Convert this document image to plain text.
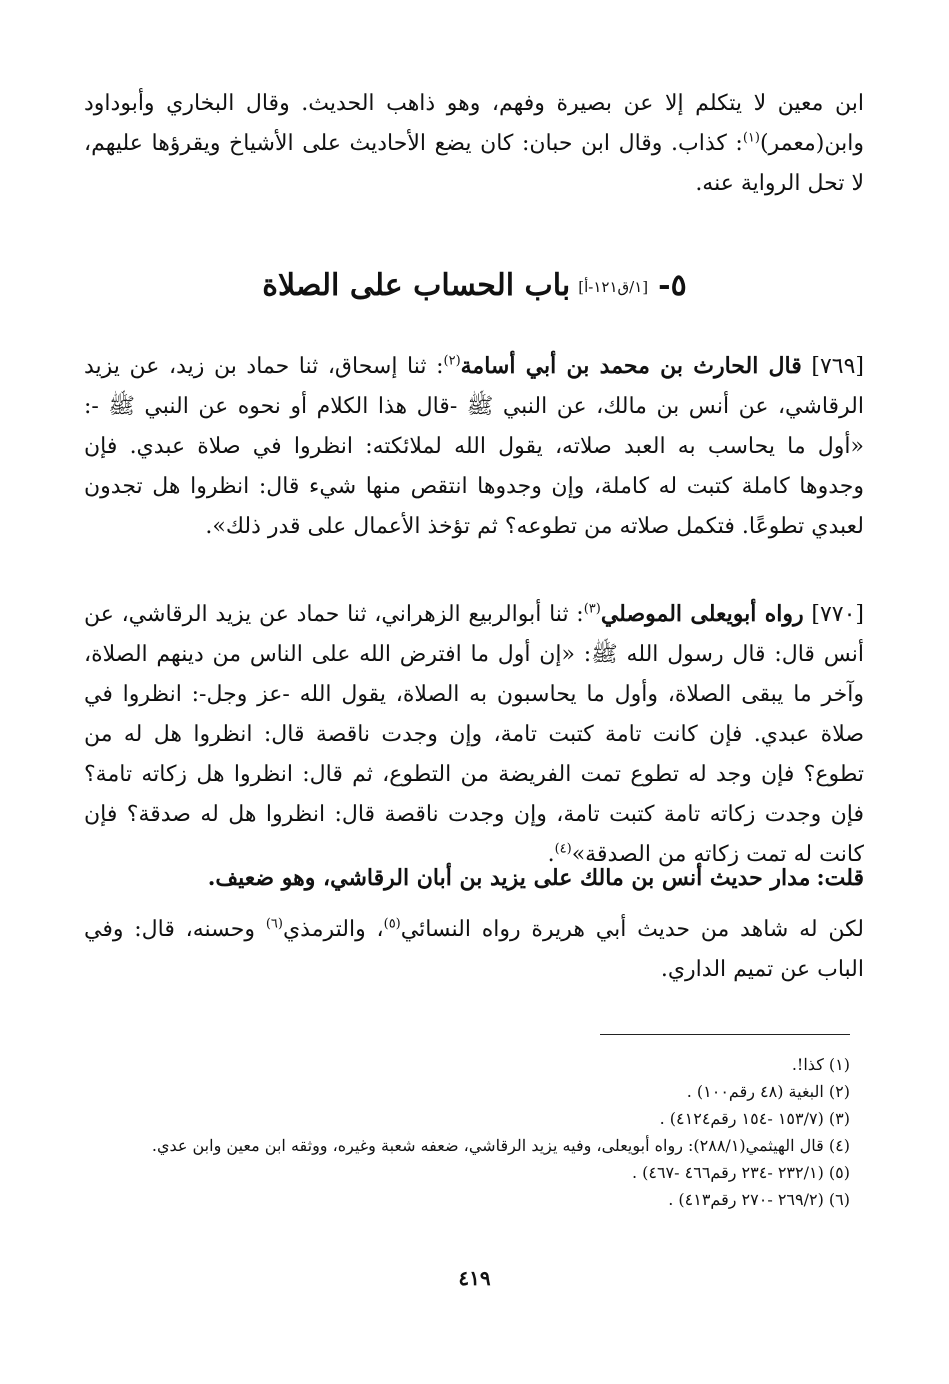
ابن معين لا يتكلم إلا عن بصيرة وفهم، وهو ذاهب الحديث. وقال البخاري وأبوداود وابن(معمر)$^{(١)}$: كذاب. وقال ابن حبان: كان يضع الأحاديث على الأشياخ ويقرؤها عليهم، لا تحل الرواية عنه.

٥-[١/ق١٢١-أ]باب الحساب على الصلاة

[٧٦٩] قال الحارث بن محمد بن أبي أسامة$^{(٢)}$: ثنا إسحاق، ثنا حماد بن زيد، عن يزيد الرقاشي، عن أنس بن مالك، عن النبي ﷺ -قال هذا الكلام أو نحوه عن النبي ﷺ -: «أول ما يحاسب به العبد صلاته، يقول الله لملائكته: انظروا في صلاة عبدي. فإن وجدوها كاملة كتبت له كاملة، وإن وجدوها انتقص منها شيء قال: انظروا هل تجدون لعبدي تطوعًا. فتكمل صلاته من تطوعه؟ ثم تؤخذ الأعمال على قدر ذلك».

[٧٧٠] رواه أبويعلى الموصلي$^{(٣)}$: ثنا أبوالربيع الزهراني، ثنا حماد عن يزيد الرقاشي، عن أنس قال: قال رسول الله ﷺ: «إن أول ما افترض الله على الناس من دينهم الصلاة، وآخر ما يبقى الصلاة، وأول ما يحاسبون به الصلاة، يقول الله -عز وجل-: انظروا في صلاة عبدي. فإن كانت تامة كتبت تامة، وإن وجدت ناقصة قال: انظروا هل له من تطوع؟ فإن وجد له تطوع تمت الفريضة من التطوع، ثم قال: انظروا هل زكاته تامة؟ فإن وجدت زكاته تامة كتبت تامة، وإن وجدت ناقصة قال: انظروا هل له صدقة؟ فإن كانت له تمت زكاته من الصدقة»$^{(٤)}$.

قلت:مدار حديث أنس بن مالك على يزيد بن أبان الرقاشي، وهو ضعيف.

لكن له شاهد من حديث أبي هريرة رواه النسائي$^{(٥)}$، والترمذي$^{(٦)}$ وحسنه، قال: وفي الباب عن تميم الداري.

(١) كذا!.
(٢) البغية (٤٨ رقم١٠٠) .
(٣) (١٥٣/٧ -١٥٤ رقم٤١٢٤) .
(٤) قال الهيثمي(٢٨٨/١): رواه أبويعلى، وفيه يزيد الرقاشي، ضعفه شعبة وغيره، ووثقه ابن معين وابن عدي.
(٥) (٢٣٢/١ -٢٣٤ رقم٤٦٦ -٤٦٧) .
(٦) (٢٦٩/٢ -٢٧٠ رقم٤١٣) .
٤١٩
